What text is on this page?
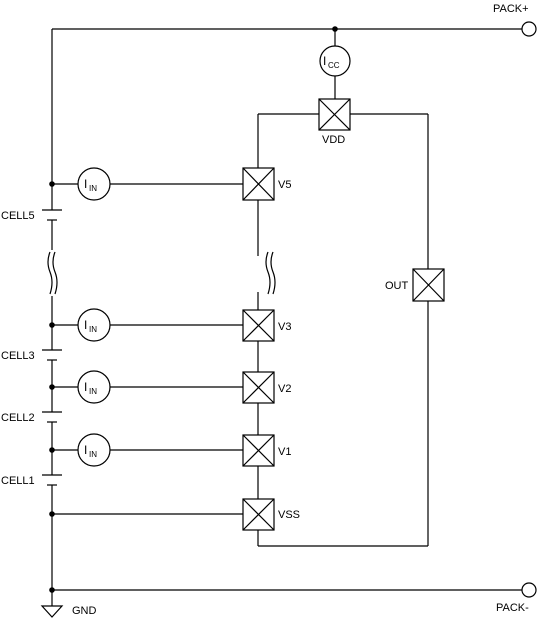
I CC
I IN
I IN
I IN
I IN
PACK+
PACK-
GND
CELL5
CELL3
CELL2
CELL1
VDD
V5
V3
V2
V1
VSS
OUT
